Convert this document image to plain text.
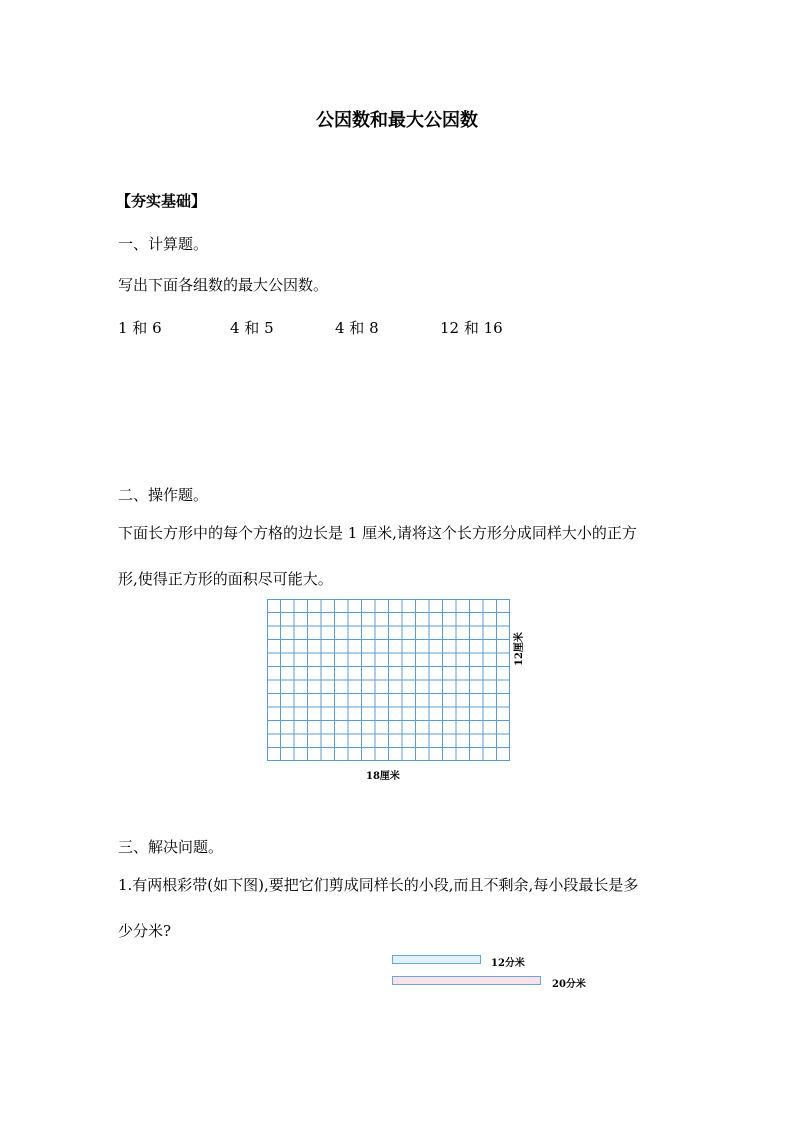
公因数和最大公因数
【夯实基础】
一、计算题。
写出下面各组数的最大公因数。
1 和 6	4 和 5	4 和 8	12 和 16
二、操作题。
下面长方形中的每个方格的边长是 1 厘米,请将这个长方形分成同样大小的正方
形,使得正方形的面积尽可能大。
12厘米
18厘米
三、解决问题。
1.有两根彩带(如下图),要把它们剪成同样长的小段,而且不剩余,每小段最长是多
少分米?
12分米
20分米
